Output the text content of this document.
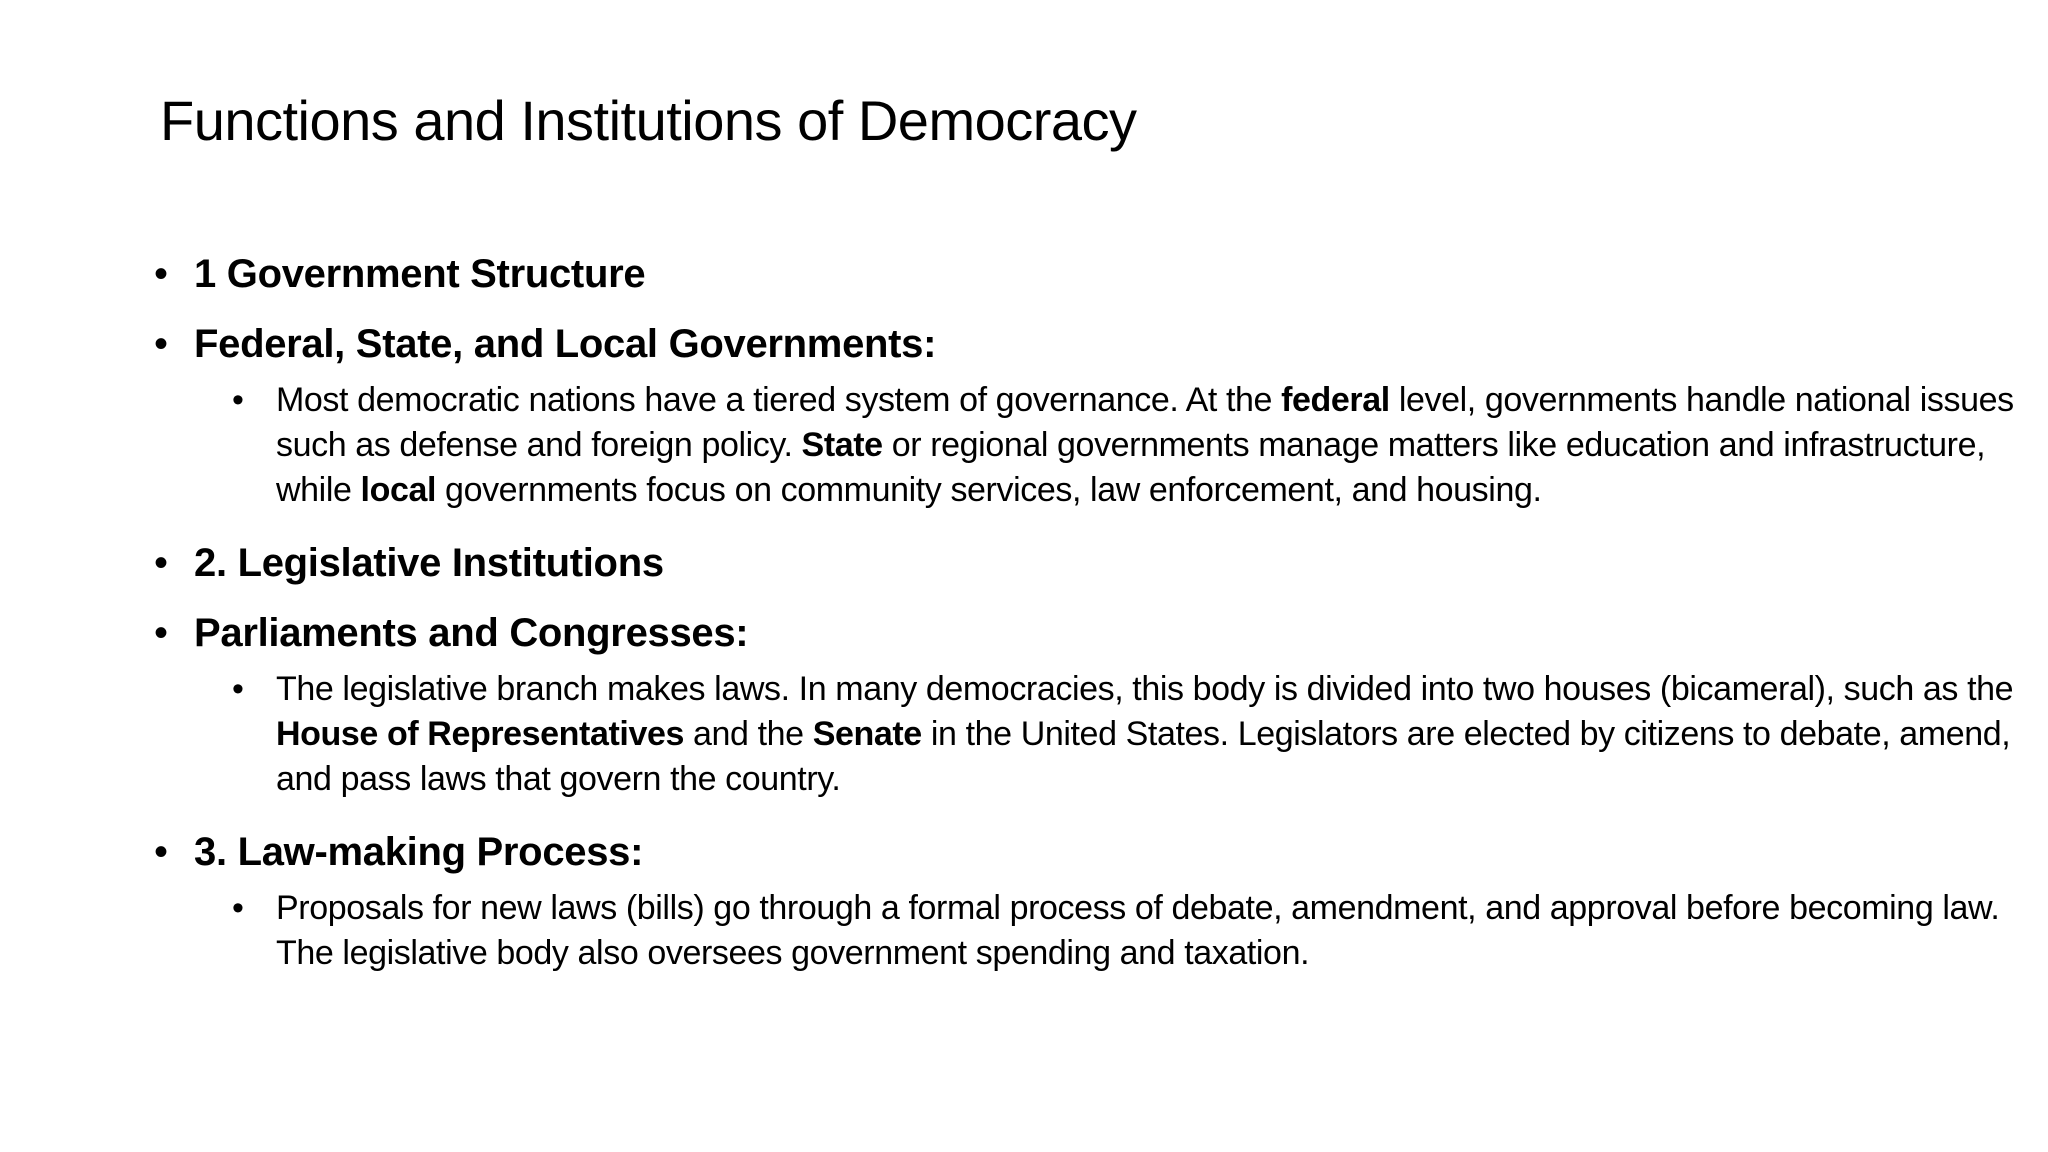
Functions and Institutions of Democracy
• 1 Government Structure
• Federal, State, and Local Governments:
• Most democratic nations have a tiered system of governance. At the federal level, governments handle national issues such as defense and foreign policy. State or regional governments manage matters like education and infrastructure, while local governments focus on community services, law enforcement, and housing.
• 2. Legislative Institutions
• Parliaments and Congresses:
• The legislative branch makes laws. In many democracies, this body is divided into two houses (bicameral), such as the House of Representatives and the Senate in the United States. Legislators are elected by citizens to debate, amend, and pass laws that govern the country.
• 3. Law-making Process:
• Proposals for new laws (bills) go through a formal process of debate, amendment, and approval before becoming law. The legislative body also oversees government spending and taxation.
